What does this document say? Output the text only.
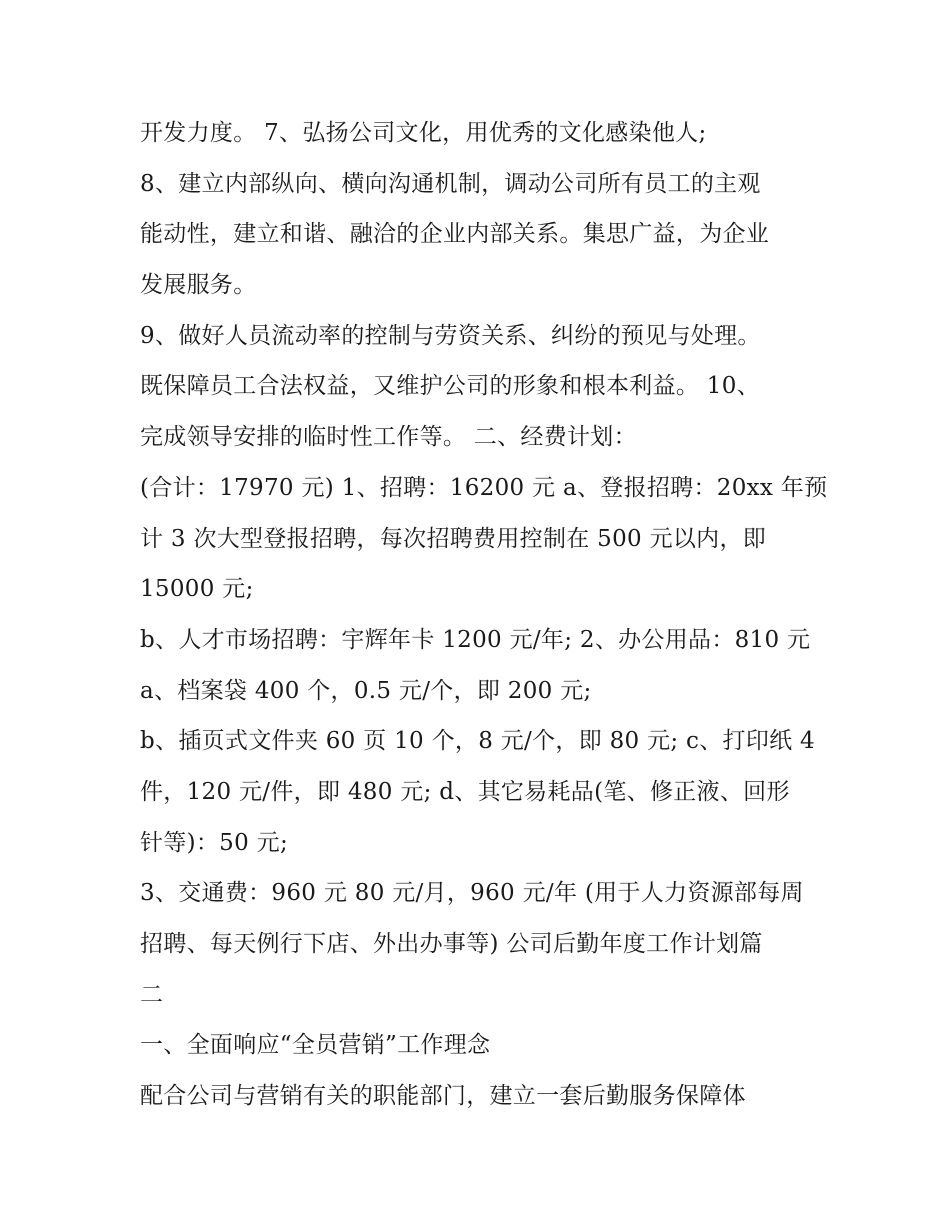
开发力度。 7、弘扬公司文化，用优秀的文化感染他人;
8、建立内部纵向、横向沟通机制，调动公司所有员工的主观
能动性，建立和谐、融洽的企业内部关系。集思广益，为企业
发展服务。
9、做好人员流动率的控制与劳资关系、纠纷的预见与处理。
既保障员工合法权益，又维护公司的形象和根本利益。 10、
完成领导安排的临时性工作等。 二、经费计划：
(合计：17970 元) 1、招聘：16200 元 a、登报招聘：20xx 年预
计 3 次大型登报招聘，每次招聘费用控制在 500 元以内，即
15000 元;
b、人才市场招聘：宇辉年卡 1200 元/年; 2、办公用品：810 元
a、档案袋 400 个，0.5 元/个，即 200 元;
b、插页式文件夹 60 页 10 个，8 元/个，即 80 元; c、打印纸 4
件，120 元/件，即 480 元; d、其它易耗品(笔、修正液、回形
针等)：50 元;
3、交通费：960 元 80 元/月，960 元/年 (用于人力资源部每周
招聘、每天例行下店、外出办事等) 公司后勤年度工作计划篇
二
一、全面响应“全员营销”工作理念
配合公司与营销有关的职能部门，建立一套后勤服务保障体
